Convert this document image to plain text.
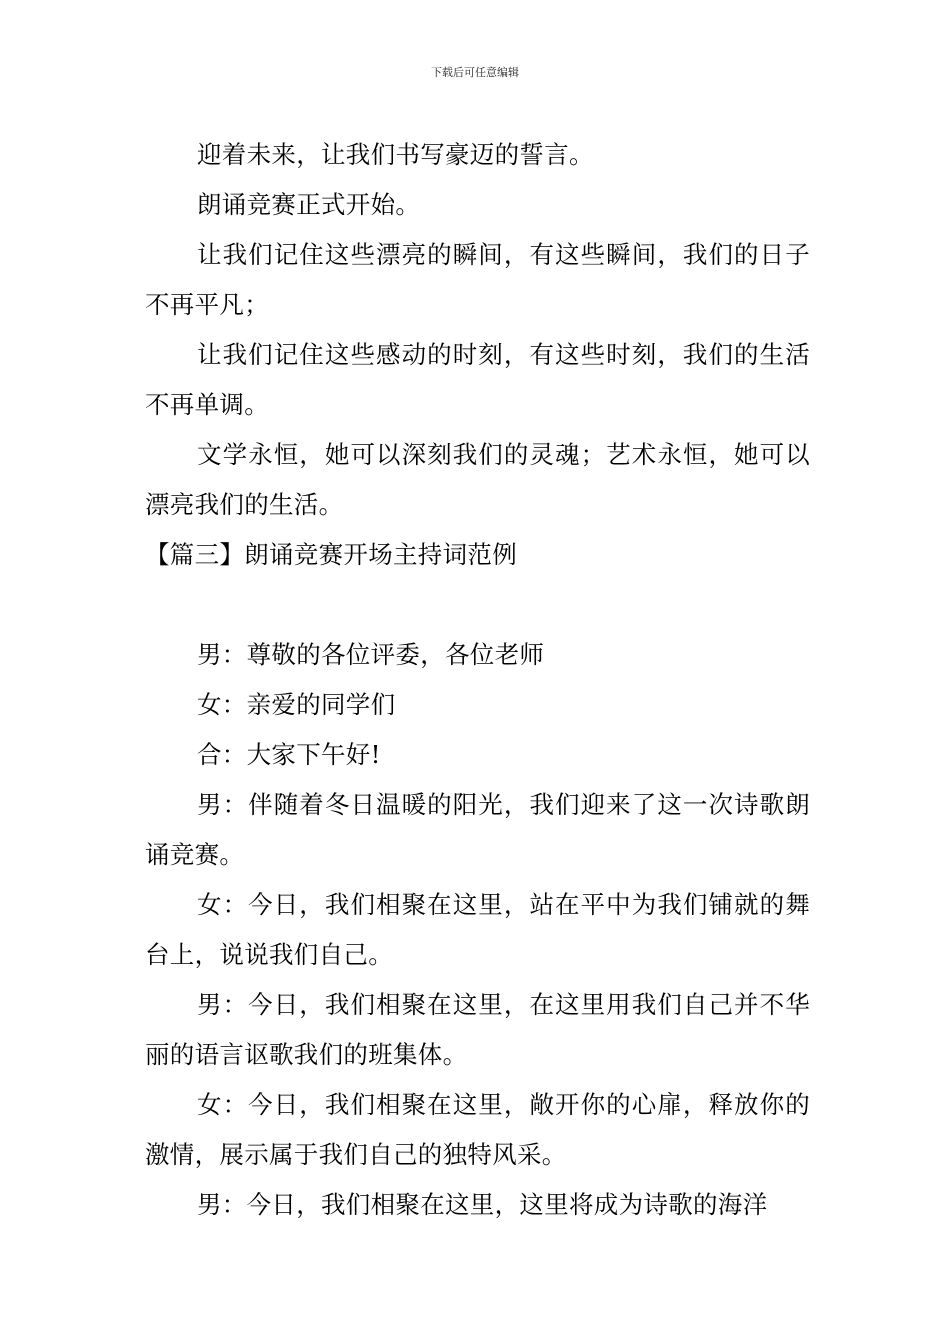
下载后可任意编辑

迎着未来，让我们书写豪迈的誓言。

朗诵竞赛正式开始。

让我们记住这些漂亮的瞬间，有这些瞬间，我们的日子不再平凡；

让我们记住这些感动的时刻，有这些时刻，我们的生活不再单调。

文学永恒，她可以深刻我们的灵魂；艺术永恒，她可以漂亮我们的生活。

【篇三】朗诵竞赛开场主持词范例

男：尊敬的各位评委，各位老师

女：亲爱的同学们

合：大家下午好!

男：伴随着冬日温暖的阳光，我们迎来了这一次诗歌朗诵竞赛。

女：今日，我们相聚在这里，站在平中为我们铺就的舞台上，说说我们自己。

男：今日，我们相聚在这里，在这里用我们自己并不华丽的语言讴歌我们的班集体。

女：今日，我们相聚在这里，敞开你的心扉，释放你的激情，展示属于我们自己的独特风采。

男：今日，我们相聚在这里，这里将成为诗歌的海洋
